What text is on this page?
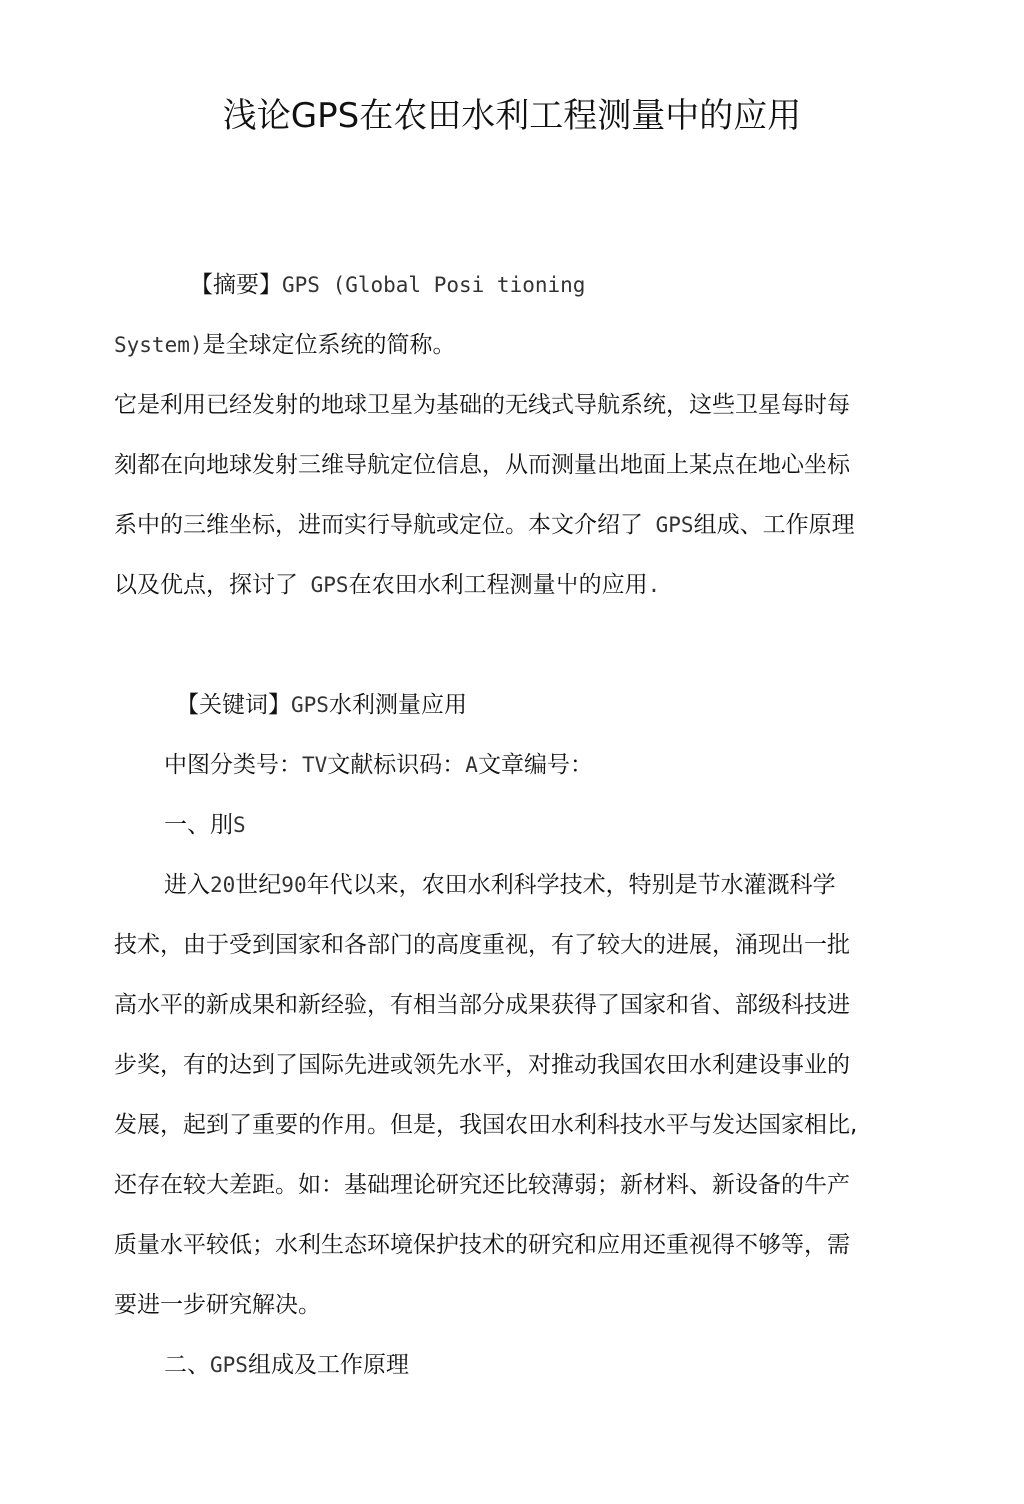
浅论GPS在农田水利工程测量中的应用

【摘要】GPS (Global Posi tioning

System)是全球定位系统的简称。

它是利用已经发射的地球卫星为基础的无线式导航系统，这些卫星每时每

刻都在向地球发射三维导航定位信息，从而测量出地面上某点在地心坐标

系中的三维坐标，进而实行导航或定位。本文介绍了 GPS组成、工作原理

以及优点，探讨了 GPS在农田水利工程测量屮的应用.

【关键词】GPS水利测量应用

中图分类号：TV文献标识码：A文章编号：

一、刖S

进入20世纪90年代以来，农田水利科学技术，特别是节水灌溉科学

技术，由于受到国家和各部门的高度重视，有了较大的进展，涌现出一批

高水平的新成果和新经验，有相当部分成果获得了国家和省、部级科技进

步奖，有的达到了国际先进或领先水平，对推动我国农田水利建设事业的

发展，起到了重要的作用。但是，我国农田水利科技水平与发达国家相比,

还存在较大差距。如：基础理论研究还比较薄弱；新材料、新设备的牛产

质量水平较低；水利生态环境保护技术的研究和应用还重视得不够等，需

要进一步研究解决。

二、GPS组成及工作原理
